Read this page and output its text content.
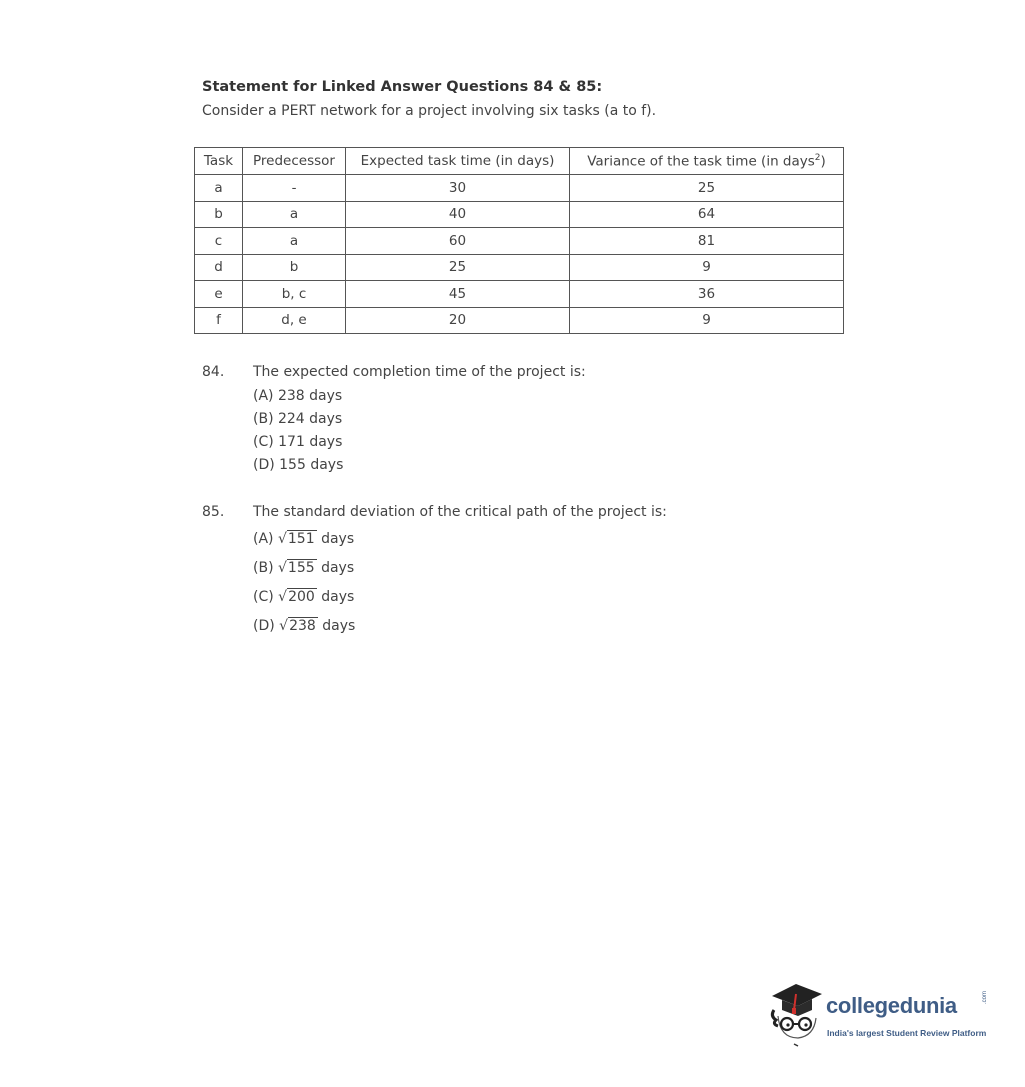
Statement for Linked Answer Questions 84 & 85:
Consider a PERT network for a project involving six tasks (a to f).
Task	Predecessor	Expected task time (in days)	Variance of the task time (in days$^2$)
a	-	30	25
b	a	40	64
c	a	60	81
d	b	25	9
e	b, c	45	36
f	d, e	20	9
84. The expected completion time of the project is:
(A) 238 days
(B) 224 days
(C) 171 days
(D) 155 days
85. The standard deviation of the critical path of the project is:
(A) √151 days
(B) √155 days
(C) √200 days
(D) √238 days
collegedunia	.com
India's largest Student Review Platform
